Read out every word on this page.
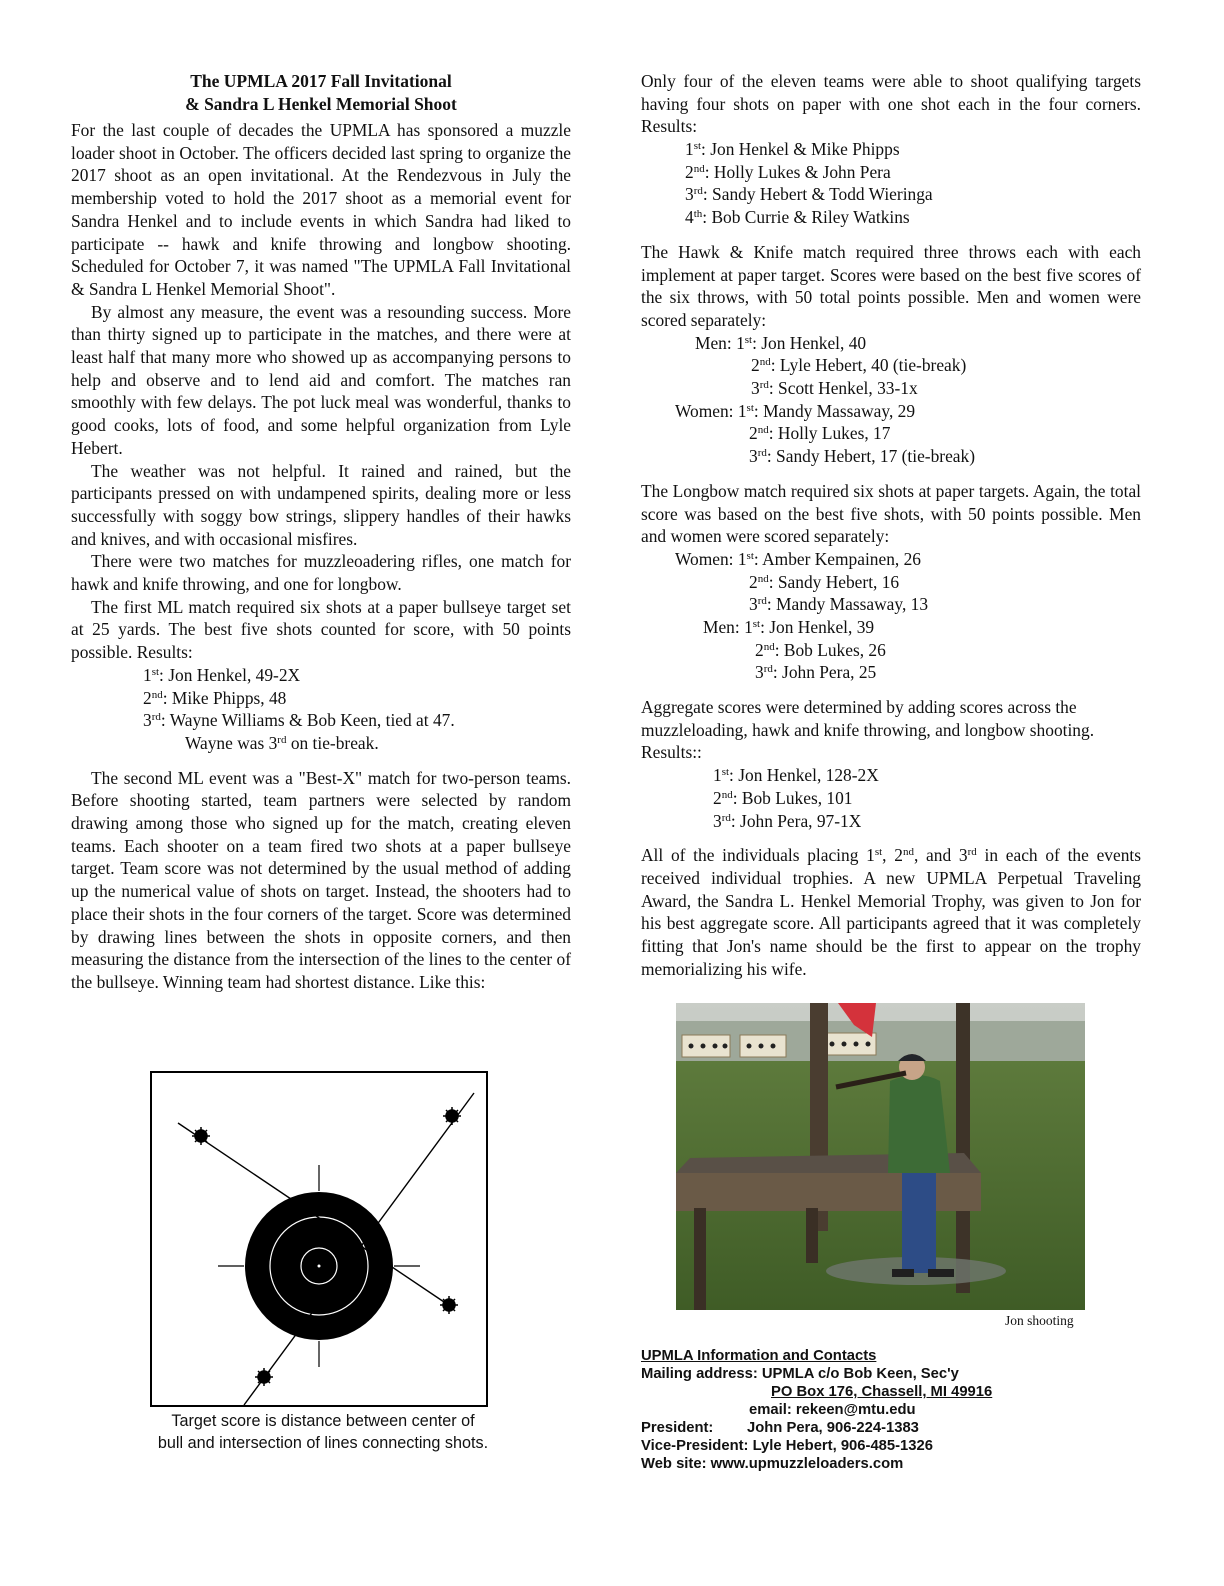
The UPMLA 2017 Fall Invitational
& Sandra L Henkel Memorial Shoot

For the last couple of decades the UPMLA has sponsored a muzzle loader shoot in October. The officers decided last spring to organize the 2017 shoot as an open invitational. At the Rendezvous in July the membership voted to hold the 2017 shoot as a memorial event for Sandra Henkel and to include events in which Sandra had liked to participate -- hawk and knife throwing and longbow shooting. Scheduled for October 7, it was named "The UPMLA Fall Invitational & Sandra L Henkel Memorial Shoot".

By almost any measure, the event was a resounding success. More than thirty signed up to participate in the matches, and there were at least half that many more who showed up as accompanying persons to help and observe and to lend aid and comfort. The matches ran smoothly with few delays. The pot luck meal was wonderful, thanks to good cooks, lots of food, and some helpful organization from Lyle Hebert.

The weather was not helpful. It rained and rained, but the participants pressed on with undampened spirits, dealing more or less successfully with soggy bow strings, slippery handles of their hawks and knives, and with occasional misfires.

There were two matches for muzzleoadering rifles, one match for hawk and knife throwing, and one for longbow.

The first ML match required six shots at a paper bullseye target set at 25 yards. The best five shots counted for score, with 50 points possible. Results:

1st: Jon Henkel, 49-2X
2nd: Mike Phipps, 48
3rd: Wayne Williams & Bob Keen, tied at 47.
Wayne was 3rd on tie-break.

The second ML event was a "Best-X" match for two-person teams. Before shooting started, team partners were selected by random drawing among those who signed up for the match, creating eleven teams. Each shooter on a team fired two shots at a paper bullseye target. Team score was not determined by the usual method of adding up the numerical value of shots on target. Instead, the shooters had to place their shots in the four corners of the target. Score was determined by drawing lines between the shots in opposite corners, and then measuring the distance from the intersection of the lines to the center of the bullseye. Winning team had shortest distance. Like this:

Target score is distance between center of
bull and intersection of lines connecting shots.

Only four of the eleven teams were able to shoot qualifying targets having four shots on paper with one shot each in the four corners. Results:

1st: Jon Henkel & Mike Phipps
2nd: Holly Lukes & John Pera
3rd: Sandy Hebert & Todd Wieringa
4th: Bob Currie & Riley Watkins

The Hawk & Knife match required three throws each with each implement at paper target. Scores were based on the best five scores of the six throws, with 50 total points possible. Men and women were scored separately:

Men: 1st: Jon Henkel, 40
2nd: Lyle Hebert, 40 (tie-break)
3rd: Scott Henkel, 33-1x
Women: 1st: Mandy Massaway, 29
2nd: Holly Lukes, 17
3rd: Sandy Hebert, 17 (tie-break)

The Longbow match required six shots at paper targets. Again, the total score was based on the best five shots, with 50 points possible. Men and women were scored separately:

Women: 1st: Amber Kempainen, 26
2nd: Sandy Hebert, 16
3rd: Mandy Massaway, 13
Men: 1st: Jon Henkel, 39
2nd: Bob Lukes, 26
3rd: John Pera, 25

Aggregate scores were determined by adding scores across the muzzleloading, hawk and knife throwing, and longbow shooting. Results::

1st: Jon Henkel, 128-2X
2nd: Bob Lukes, 101
3rd: John Pera, 97-1X

All of the individuals placing 1st, 2nd, and 3rd in each of the events received individual trophies. A new UPMLA Perpetual Traveling Award, the Sandra L. Henkel Memorial Trophy, was given to Jon for his best aggregate score. All participants agreed that it was completely fitting that Jon's name should be the first to appear on the trophy memorializing his wife.

Jon shooting
UPMLA Information and Contacts
Mailing address: UPMLA c/o Bob Keen, Sec'y
PO Box 176, Chassell, MI 49916
email: rekeen@mtu.edu
President: John Pera, 906-224-1383
Vice-President: Lyle Hebert, 906-485-1326
Web site: www.upmuzzleloaders.com
